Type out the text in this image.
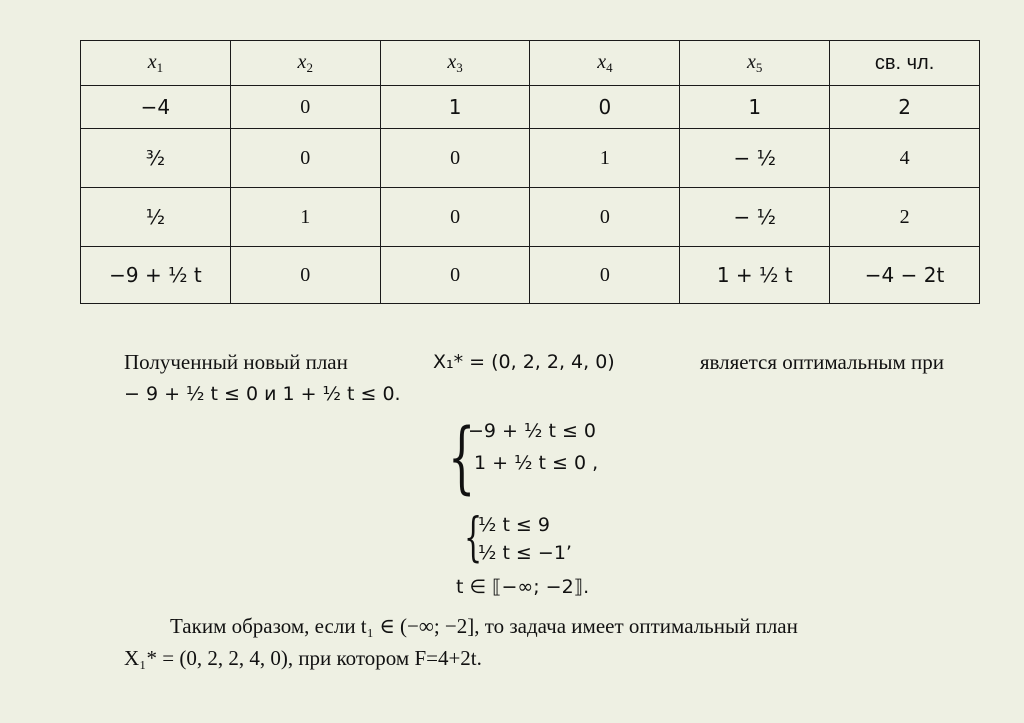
$x_1$	$x_2$	$x_3$	$x_4$	$x_5$	св. чл.
−4	0	1	0	1	2
³⁄₂	0	0	1	− ¹⁄₂	4
¹⁄₂	1	0	0	− ¹⁄₂	2
−9 + ¹⁄₂ t	0	0	0	1 + ¹⁄₂ t	−4 − 2t
Полученный новый план	X₁* = (0, 2, 2, 4, 0)	является оптимальным при
− 9 + ¹⁄₂ t ≤ 0 и 1 + ¹⁄₂ t ≤ 0.
{
−9 + ¹⁄₂ t ≤ 0
1 + ¹⁄₂ t ≤ 0 ,
{
¹⁄₂ t ≤ 9
¹⁄₂ t ≤ −1’
t ∈ ⟦−∞; −2⟧.
Таким образом, если t₁ ∈ (−∞; −2], то задача имеет оптимальный план
X₁* = (0, 2, 2, 4, 0), при котором F=4+2t.
